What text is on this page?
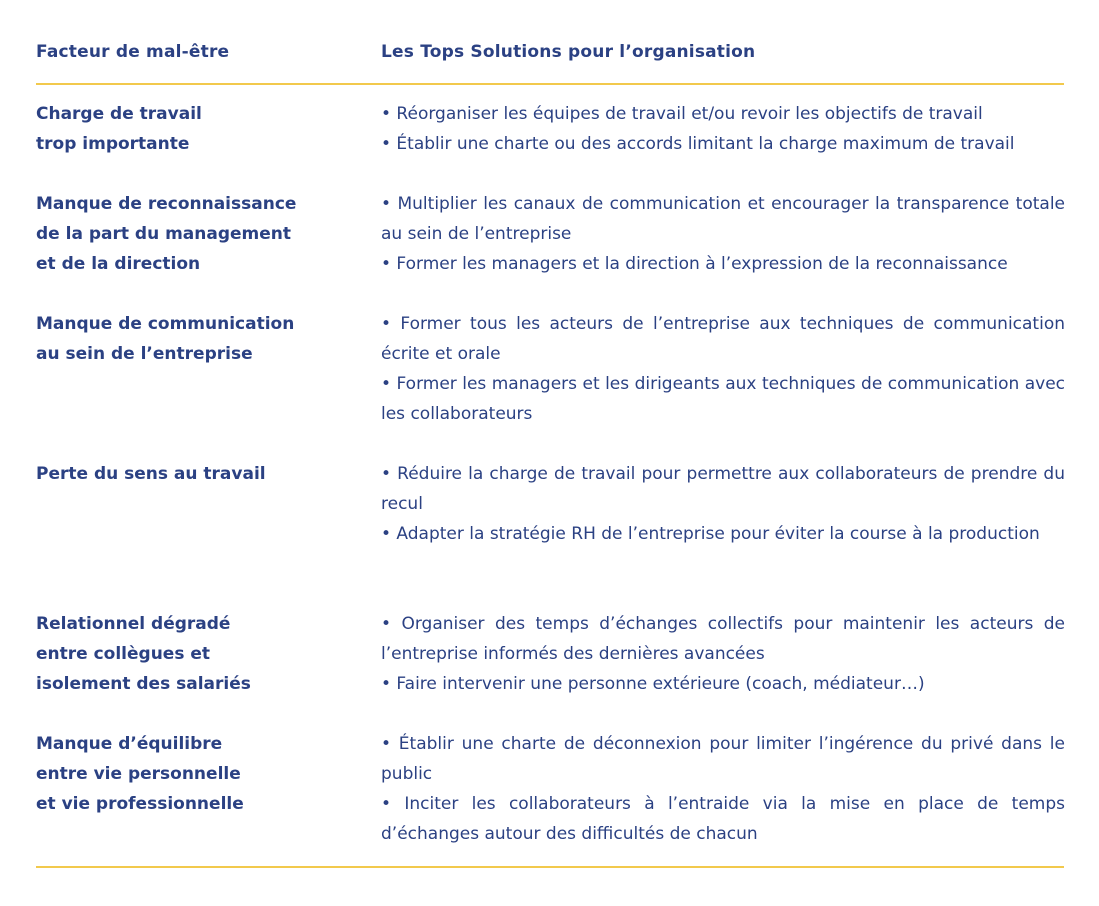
Facteur de mal-être	Les Tops Solutions pour l’organisation
Charge de travail
trop importante
• Réorganiser les équipes de travail et/ou revoir les objectifs de travail
• Établir une charte ou des accords limitant la charge maximum de travail
Manque de reconnaissance
de la part du management
et de la direction
• Multiplier les canaux de communication et encourager la transparence totale au sein de l’entreprise
• Former les managers et la direction à l’expression de la reconnaissance
Manque de communication
au sein de l’entreprise
• Former tous les acteurs de l’entreprise aux techniques de communication écrite et orale
• Former les managers et les dirigeants aux techniques de communication avec les collaborateurs
Perte du sens au travail	• Réduire la charge de travail pour permettre aux collaborateurs de prendre du recul
• Adapter la stratégie RH de l’entreprise pour éviter la course à la production
Relationnel dégradé
entre collègues et
isolement des salariés
• Organiser des temps d’échanges collectifs pour maintenir les acteurs de l’entreprise informés des dernières avancées
• Faire intervenir une personne extérieure (coach, médiateur…)
Manque d’équilibre
entre vie personnelle
et vie professionnelle
• Établir une charte de déconnexion pour limiter l’ingérence du privé dans le public
• Inciter les collaborateurs à l’entraide via la mise en place de temps d’échanges autour des difficultés de chacun
